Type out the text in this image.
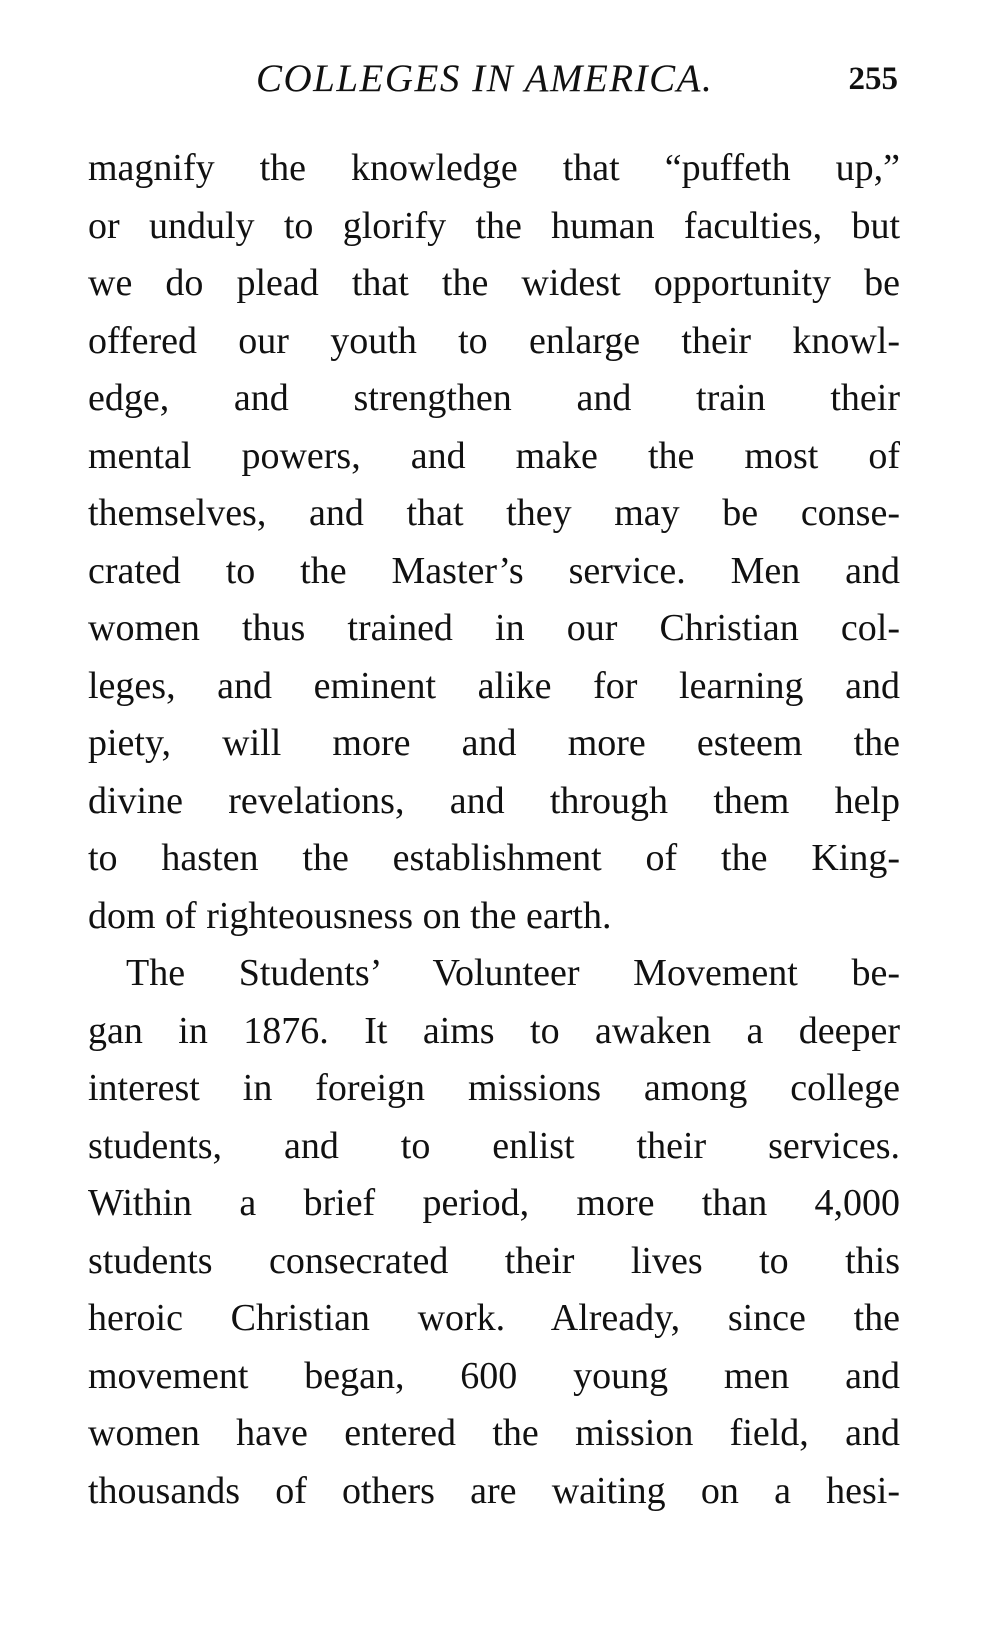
COLLEGES IN AMERICA.	255
magnify the knowledge that “puffeth up,”
or unduly to glorify the human faculties, but
we do plead that the widest opportunity be
offered our youth to enlarge their knowl-
edge, and strengthen and train their
mental powers, and make the most of
themselves, and that they may be conse-
crated to the Master’s service. Men and
women thus trained in our Christian col-
leges, and eminent alike for learning and
piety, will more and more esteem the
divine revelations, and through them help
to hasten the establishment of the King-
dom of righteousness on the earth.
The Students’ Volunteer Movement be-
gan in 1876. It aims to awaken a deeper
interest in foreign missions among college
students, and to enlist their services.
Within a brief period, more than 4,000
students consecrated their lives to this
heroic Christian work. Already, since the
movement began, 600 young men and
women have entered the mission field, and
thousands of others are waiting on a hesi-
